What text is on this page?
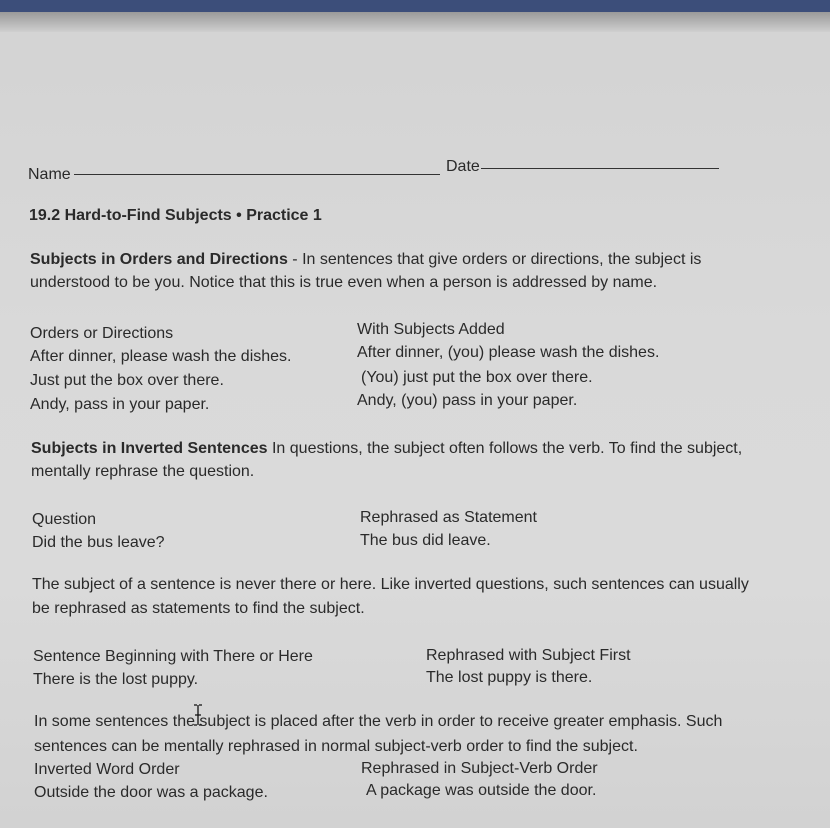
Name	Date
19.2 Hard-to-Find Subjects • Practice 1
Subjects in Orders and Directions - In sentences that give orders or directions, the subject is
understood to be you. Notice that this is true even when a person is addressed by name.
Orders or Directions
After dinner, please wash the dishes.
Just put the box over there.
Andy, pass in your paper.
With Subjects Added
After dinner, (you) please wash the dishes.
(You) just put the box over there.
Andy, (you) pass in your paper.
Subjects in Inverted Sentences In questions, the subject often follows the verb. To find the subject,
mentally rephrase the question.
Question
Did the bus leave?
Rephrased as Statement
The bus did leave.
The subject of a sentence is never there or here. Like inverted questions, such sentences can usually
be rephrased as statements to find the subject.
Sentence Beginning with There or Here
There is the lost puppy.
Rephrased with Subject First
The lost puppy is there.
In some sentences the subject is placed after the verb in order to receive greater emphasis. Such
sentences can be mentally rephrased in normal subject-verb order to find the subject.
Inverted Word Order
Outside the door was a package.
Rephrased in Subject-Verb Order
A package was outside the door.
